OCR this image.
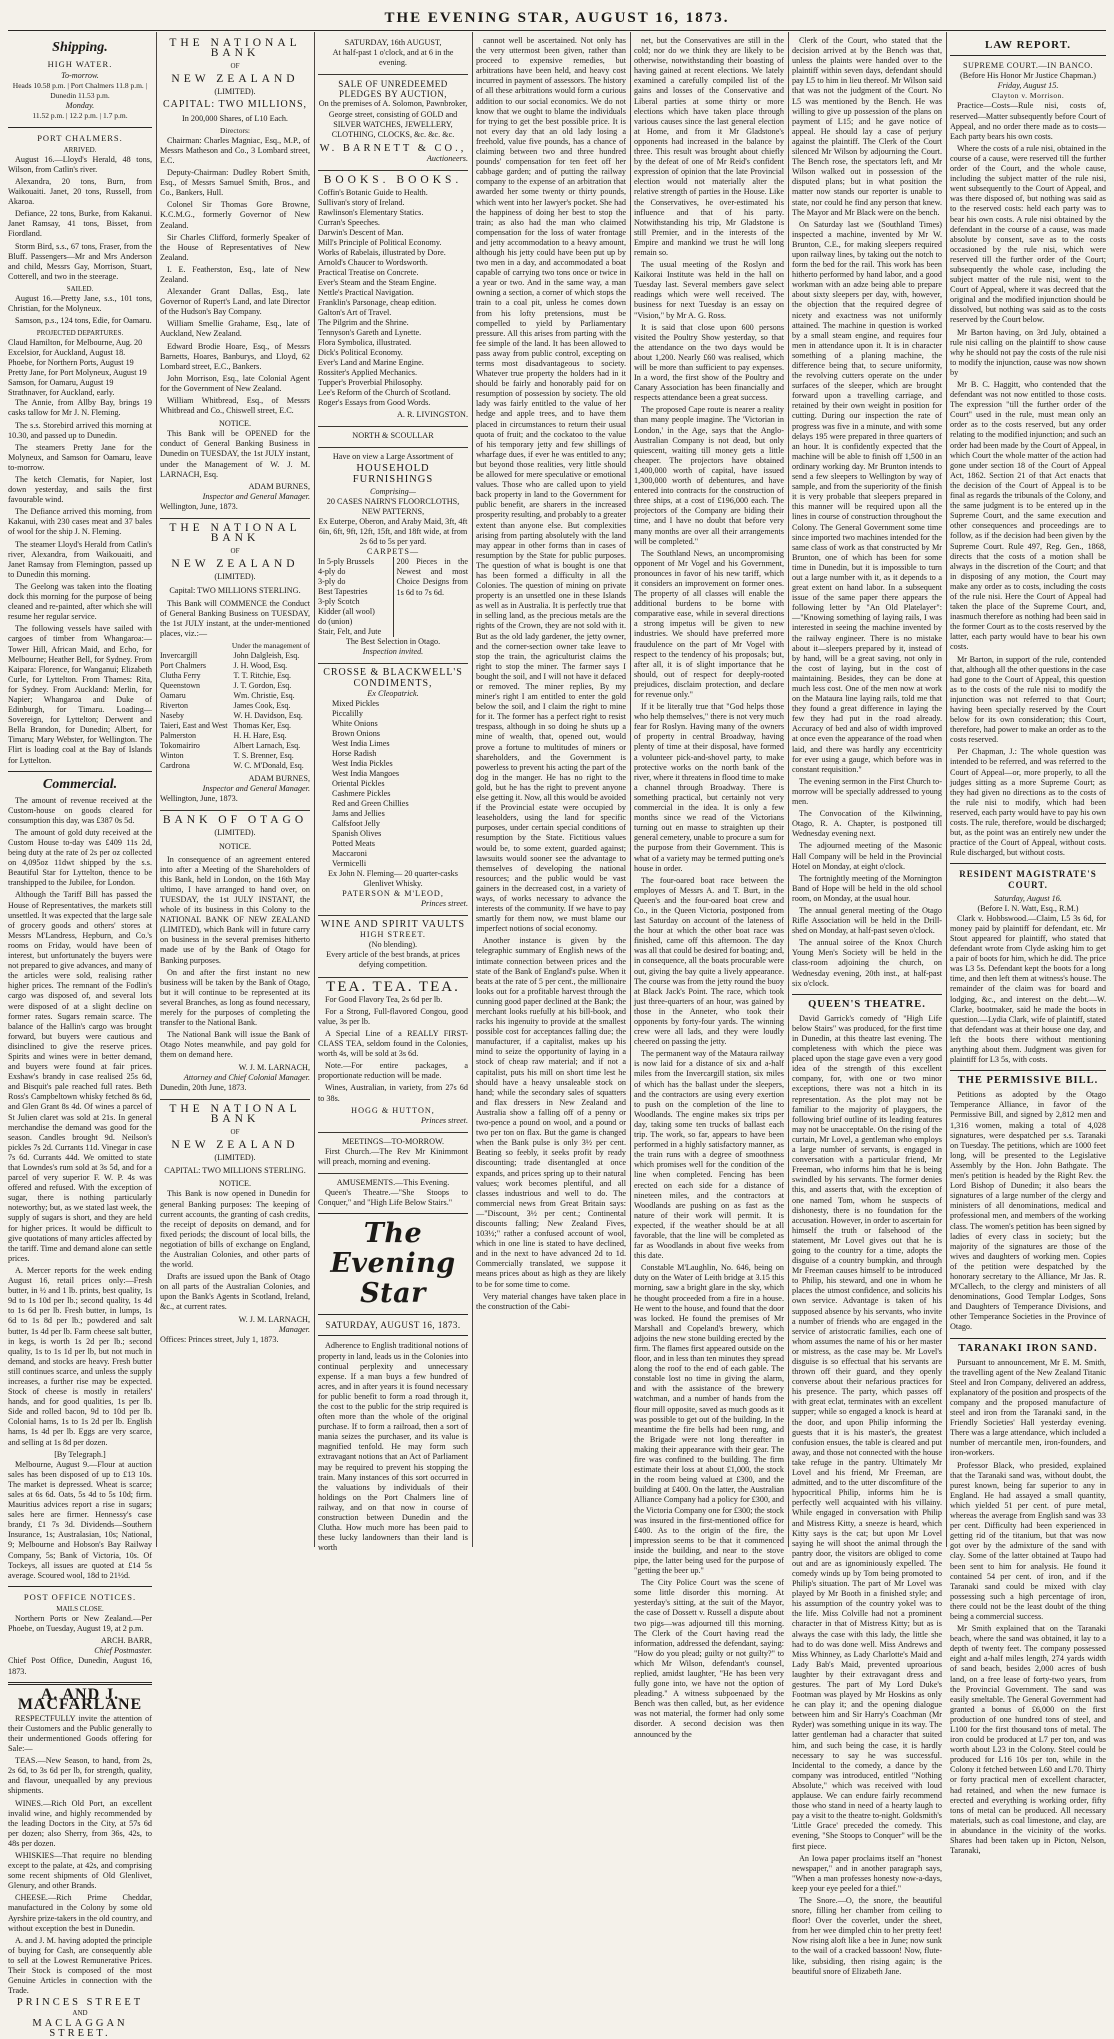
THE EVENING STAR, AUGUST 16, 1873.
Shipping.
HIGH WATER.
To-morrow.
Heads 10.58 p.m. | Port Chalmers 11.8 p.m. | Dunedin 11.53 p.m.
Monday.
11.52 p.m. | 12.2 p.m. | 1.7 p.m.
PORT CHALMERS.
ARRIVED.

August 16.—Lloyd's Herald, 48 tons, Wilson, from Catlin's river.

Alexandra, 20 tons, Burn, from Waikouaiti. Janet, 20 tons, Russell, from Akaroa.

Defiance, 22 tons, Burke, from Kakanui. Janet Ramsay, 41 tons, Bisset, from Fiordland.

Storm Bird, s.s., 67 tons, Fraser, from the Bluff. Passengers—Mr and Mrs Anderson and child, Messrs Gay, Morrison, Stuart, Cotterell, and two in the steerage.

SAILED.

August 16.—Pretty Jane, s.s., 101 tons, Christian, for the Molyneux.

Samson, p.s., 124 tons, Edie, for Oamaru.

PROJECTED DEPARTURES.
Claud Hamilton, for Melbourne, Aug. 20
Excelsior, for Auckland, August 18.
Phoebe, for Northern Ports, August 19
Pretty Jane, for Port Molyneux, August 19
Samson, for Oamaru, August 19
Strathnaver, for Auckland, early.

The Annie, from Allby Bay, brings 19 casks tallow for Mr J. N. Fleming.

The s.s. Storebird arrived this morning at 10.30, and passed up to Dunedin.

The steamers Pretty Jane for the Molyneux, and Samson for Oamaru, leave to-morrow.

The ketch Clematis, for Napier, lost down yesterday, and sails the first favourable wind.

The Defiance arrived this morning, from Kakanui, with 230 cases meat and 37 bales of wool for the ship J. N. Fleming.

The steamer Lloyd's Herald from Catlin's river, Alexandra, from Waikouaiti, and Janet Ramsay from Flemington, passed up to Dunedin this morning.

The Geelong was taken into the floating dock this morning for the purpose of being cleaned and re-painted, after which she will resume her regular service.

The following vessels have sailed with cargoes of timber from Whangaroa:—Tower Hill, African Maid, and Echo, for Melbourne; Heather Bell, for Sydney. From Kaipara: Florence, for Wanganui; Elizabeth Curle, for Lyttelton. From Thames: Rita, for Sydney. From Auckland: Merlin, for Napier; Whangaroa and Duke of Edinburgh, for Timaru. Loading—Sovereign, for Lyttelton; Derwent and Bella Brandon, for Dunedin; Albert, for Timaru; Mary Webster, for Wellington. The Flirt is loading coal at the Bay of Islands for Lyttelton.

Commercial.

The amount of revenue received at the Custom-house on goods cleared for consumption this day, was £387 0s 5d.

The amount of gold duty received at the Custom House to-day was £409 11s 2d, being duty at the rate of 2s per oz collected on 4,095oz 11dwt shipped by the s.s. Beautiful Star for Lyttelton, thence to be transhipped to the Jubilee, for London.

Although the Tariff Bill has passed the House of Representatives, the markets still unsettled. It was expected that the large sale of grocery goods and others' stores at Messrs M'Landress, Hepburn, and Co.'s rooms on Friday, would have been of interest, but unfortunately the buyers were not prepared to give advances, and many of the articles were sold, realising rather higher prices. The remnant of the Fodlin's cargo was disposed of, and several lots were disposed of at a slight decline on former rates. Sugars remain scarce. The balance of the Hallin's cargo was brought forward, but buyers were cautious and disinclined to give the reserve prices. Spirits and wines were in better demand, and buyers were found at fair prices. Exshaw's brandy in case realised 25s 6d, and Bisquit's pale reached full rates. Beth Ross's Campbeltown whisky fetched 8s 6d, and Glen Grant 8s 4d. Of wines a parcel of St Julien claret was sold at 21s. In general merchandise the demand was good for the season. Candles brought 9d. Neilson's pickles 7s 2d. Currants 11d. Vinegar in case 7s 6d. Currants 44d. We omitted to state that Lowndes's rum sold at 3s 5d, and for a parcel of very superior F. W. P. 4s was offered and refused. With the exception of sugar, there is nothing particularly noteworthy; but, as we stated last week, the supply of sugars is short, and they are held for higher prices. It would be difficult to give quotations of many articles affected by the tariff. Time and demand alone can settle prices.

A. Mercer reports for the week ending August 16, retail prices only:—Fresh butter, in ½ and 1 lb. prints, best quality, 1s 9d to 1s 10d per lb.; second quality, 1s 4d to 1s 6d per lb. Fresh butter, in lumps, 1s 6d to 1s 8d per lb.; powdered and salt butter, 1s 4d per lb. Farm cheese salt butter, in kegs, is worth 1s 2d per lb.; second quality, 1s to 1s 1d per lb, but not much in demand, and stocks are heavy. Fresh butter still continues scarce, and unless the supply increases, a further rise may be expected. Stock of cheese is mostly in retailers' hands, and for good qualities, 1s per lb. Side and rolled bacon, 9d to 10d per lb. Colonial hams, 1s to 1s 2d per lb. English hams, 1s 4d per lb. Eggs are very scarce, and selling at 1s 8d per dozen.

[By Telegraph.]

Melbourne, August 9.—Flour at auction sales has been disposed of up to £13 10s. The market is depressed. Wheat is scarce; sales at 6s 6d. Oats, 5s 4d to 5s 10d; firm. Mauritius advices report a rise in sugars; sales here are firmer. Hennessy's case brandy, £1 7s 3d. Dividends—Southern Insurance, 1s; Australasian, 10s; National, 9; Melbourne and Hobson's Bay Railway Company, 5s; Bank of Victoria, 10s. Of Tockeys, all issues are quoted at £14 5s average. Scoured wool, 18d to 21½d.

POST OFFICE NOTICES.
MAILS CLOSE.

Northern Ports or New Zealand.—Per Phoebe, on Tuesday, August 19, at 2 p.m.

ARCH. BARR,
Chief Postmaster.
Chief Post Office, Dunedin, August 16, 1873.
A. AND J. MACFARLANE

RESPECTFULLY invite the attention of their Customers and the Public generally to their undermentioned Goods offering for Sale:—

TEAS.—New Season, to hand, from 2s, 2s 6d, to 3s 6d per lb, for strength, quality, and flavour, unequalled by any previous shipments.

WINES.—Rich Old Port, an excellent invalid wine, and highly recommended by the leading Doctors in the City, at 57s 6d per dozen; also Sherry, from 36s, 42s, to 48s per dozen.

WHISKIES—That require no blending except to the palate, at 42s, and comprising some recent shipments of Old Glenlivet, Glenury, and other Brands.

CHEESE.—Rich Prime Cheddar, manufactured in the Colony by some old Ayrshire prize-takers in the old country, and without exception the best in Dunedin.

A. and J. M. having adopted the principle of buying for Cash, are consequently able to sell at the Lowest Remunerative Prices. Their Stock is composed of the most Genuine Articles in connection with the Trade.

PRINCES STREET
AND
MACLAGGAN STREET.
THE NATIONAL BANK
OF
NEW ZEALAND
(LIMITED).
CAPITAL: TWO MILLIONS,
In 200,000 Shares, of L10 Each.
Directors:

Chairman: Charles Magniac, Esq., M.P., of Messrs Matheson and Co., 3 Lombard street, E.C.

Deputy-Chairman: Dudley Robert Smith, Esq., of Messrs Samuel Smith, Bros., and Co., Bankers, Hull.

Colonel Sir Thomas Gore Browne, K.C.M.G., formerly Governor of New Zealand.

Sir Charles Clifford, formerly Speaker of the House of Representatives of New Zealand.

I. E. Featherston, Esq., late of New Zealand.

Alexander Grant Dallas, Esq., late Governor of Rupert's Land, and late Director of the Hudson's Bay Company.

William Smellie Grahame, Esq., late of Auckland, New Zealand.

Edward Brodie Hoare, Esq., of Messrs Barnetts, Hoares, Banburys, and Lloyd, 62 Lombard street, E.C., Bankers.

John Morrison, Esq., late Colonial Agent for the Government of New Zealand.

William Whitbread, Esq., of Messrs Whitbread and Co., Chiswell street, E.C.

NOTICE.

This Bank will be OPENED for the conduct of General Banking Business in Dunedin on TUESDAY, the 1st JULY instant, under the Management of W. J. M. LARNACH, Esq.

ADAM BURNES,
Inspector and General Manager.
Wellington, June, 1873.
THE NATIONAL BANK
OF
NEW ZEALAND
(LIMITED).
Capital: TWO MILLIONS STERLING.

This Bank will COMMENCE the Conduct of General Banking Business on TUESDAY, the 1st JULY instant, at the under-mentioned places, viz.:—

Under the management of
Invercargill	John Dalgleish, Esq.
Port Chalmers	J. H. Wood, Esq.
Clutha Ferry	T. T. Ritchie, Esq.
Queenstown	J. T. Gordon, Esq.
Oamaru	Wm. Christie, Esq.
Riverton	James Cook, Esq.
Naseby	W. H. Davidson, Esq.
Taieri, East and West	Thomas Ker, Esq.
Palmerston	H. H. Hare, Esq.
Tokomairiro	Albert Larnach, Esq.
Winton	T. S. Brenner, Esq.
Cardrona	W. C. M'Donald, Esq.
ADAM BURNES,
Inspector and General Manager.
Wellington, June, 1873.
BANK OF OTAGO
(LIMITED).
NOTICE.

In consequence of an agreement entered into after a Meeting of the Shareholders of this Bank, held in London, on the 16th May ultimo, I have arranged to hand over, on TUESDAY, the 1st JULY INSTANT, the whole of its business in this Colony to the NATIONAL BANK OF NEW ZEALAND (LIMITED), which Bank will in future carry on business in the several premises hitherto made use of by the Bank of Otago for Banking purposes.

On and after the first instant no new business will be taken by the Bank of Otago, but it will continue to be represented at its several Branches, as long as found necessary, merely for the purposes of completing the transfer to the National Bank.

The National Bank will issue the Bank of Otago Notes meanwhile, and pay gold for them on demand here.

W. J. M. LARNACH,
Attorney and Chief Colonial Manager.
Dunedin, 20th June, 1873.
THE NATIONAL BANK
OF
NEW ZEALAND
(LIMITED).
CAPITAL: TWO MILLIONS STERLING.
NOTICE.

This Bank is now opened in Dunedin for general Banking purposes: The keeping of current accounts, the granting of cash credits, the receipt of deposits on demand, and for fixed periods; the discount of local bills, the negotiation of bills of exchange on England, the Australian Colonies, and other parts of the world.

Drafts are issued upon the Bank of Otago on all parts of the Australian Colonies, and upon the Bank's Agents in Scotland, Ireland, &c., at current rates.

W. J. M. LARNACH,
Manager.
Offices: Princes street, July 1, 1873.
SATURDAY, 16th AUGUST,
At half-past 1 o'clock, and at 6 in the evening.
SALE OF UNREDEEMED PLEDGES BY AUCTION,
On the premises of A. Solomon, Pawnbroker, George street, consisting of GOLD and SILVER WATCHES, JEWELLERY, CLOTHING, CLOCKS, &c. &c. &c.
W. BARNETT & CO.,
Auctioneers.
BOOKS. BOOKS.
Coffin's Botanic Guide to Health.
Sullivan's story of Ireland.
Rawlinson's Elementary Statics.
Curran's Speeches.
Darwin's Descent of Man.
Mill's Principle of Political Economy.
Works of Rabelais, illustrated by Dore.
Arnold's Chaucer to Wordsworth.
Practical Treatise on Concrete.
Ever's Steam and the Steam Engine.
Nettle's Practical Navigation.
Franklin's Parsonage, cheap edition.
Galton's Art of Travel.
The Pilgrim and the Shrine.
Tennyson's Gareth and Lynette.
Flora Symbolica, illustrated.
Dick's Political Economy.
Ever's Land and Marine Engine.
Rossiter's Applied Mechanics.
Tupper's Proverbial Philosophy.
Lee's Reform of the Church of Scotland.
Roger's Essays from Good Words.
A. R. LIVINGSTON.
NORTH & SCOULLAR
Have on view a Large Assortment of
HOUSEHOLD FURNISHINGS
Comprising—
20 CASES NAIRN'S FLOORCLOTHS, NEW PATTERNS,
Ex Euterpe, Oberon, and Araby Maid, 3ft, 4ft 6in, 6ft, 9ft, 12ft, 15ft, and 18ft wide, at from 2s 6d to 5s per yard.
CARPETS—
In 5-ply Brussels
4-ply do
3-ply do
Best Tapestries
3-ply Scotch
Kidder (all wool)
do (union)
Stair, Felt, and Jute
200 Pieces in the Newest and most Choice Designs from 1s 6d to 7s 6d.
The Best Selection in Otago.
Inspection invited.
CROSSE & BLACKWELL'S CONDIMENTS,
Ex Cleopatrick.
Mixed Pickles
Piccalilly
White Onions
Brown Onions
West India Limes
Horse Radish
West India Pickles
West India Mangoes
Oriental Pickles
Cashmere Pickles
Red and Green Chillies
Jams and Jellies
Calfsfoot Jelly
Spanish Olives
Potted Meats
Maccaroni
Vermicelli
Ex John N. Fleming— 20 quarter-casks Glenlivet Whisky.
PATERSON & M'LEOD,
Princes street.
WINE AND SPIRIT VAULTS
HIGH STREET.
(No blending).
Every article of the best brands, at prices defying competition.
TEA. TEA. TEA.

For Good Flavory Tea, 2s 6d per lb.

For a Strong, Full-flavored Congou, good value, 3s per lb.

A Special Line of a REALLY FIRST-CLASS TEA, seldom found in the Colonies, worth 4s, will be sold at 3s 6d.

Note.—For entire packages, a proportionate reduction will be made.

Wines, Australian, in variety, from 27s 6d to 38s.

HOGG & HUTTON,
Princes street.
MEETINGS—TO-MORROW.

First Church.—The Rev Mr Kinimmont will preach, morning and evening.

AMUSEMENTS.—This Evening.

Queen's Theatre.—"She Stoops to Conquer," and "High Life Below Stairs."

The Evening Star
SATURDAY, AUGUST 16, 1873.

Adherence to English traditional notions of property in land, leads us in the Colonies into continual perplexity and unnecessary expense. If a man buys a few hundred of acres, and in after years it is found necessary for public benefit to form a road through it, the cost to the public for the strip required is often more than the whole of the original purchase. If to form a railroad, then a sort of mania seizes the purchaser, and its value is magnified tenfold. He may form such extravagant notions that an Act of Parliament may be required to prevent his stopping the train. Many instances of this sort occurred in the valuations by individuals of their holdings on the Port Chalmers line of railway, and on that now in course of construction between Dunedin and the Clutha. How much more has been paid to these lucky landowners than their land is worth

cannot well be ascertained. Not only has the very uttermost been given, rather than proceed to expensive remedies, but arbitrations have been held, and heavy cost incurred in payment of assessors. The history of all these arbitrations would form a curious addition to our social economics. We do not know that we ought to blame the individuals for trying to get the best possible price. It is not every day that an old lady losing a freehold, value five pounds, has a chance of claiming between two and three hundred pounds' compensation for ten feet off her cabbage garden; and of putting the railway company to the expense of an arbitration that awarded her some twenty or thirty pounds, which went into her lawyer's pocket. She had the happiness of doing her best to stop the train; as also had the man who claimed compensation for the loss of water frontage and jetty accommodation to a heavy amount, although his jetty could have been put up by two men in a day, and accommodated a boat capable of carrying two tons once or twice in a year or two. And in the same way, a man owning a section, a corner of which stops the train to a coal pit, unless he comes down from his lofty pretensions, must be compelled to yield by Parliamentary pressure. All this arises from parting with the fee simple of the land. It has been allowed to pass away from public control, excepting on terms most disadvantageous to society. Whatever true property the holders had in it should be fairly and honorably paid for on resumption of possession by society. The old lady was fairly entitled to the value of her hedge and apple trees, and to have them placed in circumstances to return their usual quota of fruit; and the cockatoo to the value of his temporary jetty and few shillings of wharfage dues, if ever he was entitled to any; but beyond those realities, very little should be allowed for mere speculative or emotional values. Those who are called upon to yield back property in land to the Government for public benefit, are sharers in the increased prosperity resulting, and probably to a greater extent than anyone else. But complexities arising from parting absolutely with the land may appear in other forms than in cases of resumption by the State for public purposes. The question of what is bought is one that has been formed a difficulty in all the Colonies. The question of mining on private property is an unsettled one in these Islands as well as in Australia. It is perfectly true that in selling land, as the precious metals are the rights of the Crown, they are not sold with it. But as the old lady gardener, the jetty owner, and the corner-section owner take leave to stop the train, the agriculturist claims the right to stop the miner. The farmer says I bought the soil, and I will not have it defaced or removed. The miner replies, By my miner's right I am entitled to enter the gold below the soil, and I claim the right to mine for it. The former has a perfect right to resist trespass, although in so doing he shuts up a mine of wealth, that, opened out, would prove a fortune to multitudes of miners or shareholders, and the Government is powerless to prevent his acting the part of the dog in the manger. He has no right to the gold, but he has the right to prevent anyone else getting it. Now, all this would be avoided if the Provincial estate were occupied by leaseholders, using the land for specific purposes, under certain special conditions of resumption by the State. Fictitious values would be, to some extent, guarded against; lawsuits would sooner see the advantage to themselves of developing the national resources; and the public would be vast gainers in the decreased cost, in a variety of ways, of works necessary to advance the interests of the community. If we have to pay smartly for them now, we must blame our imperfect notions of social economy.

Another instance is given by the telegraphic summary of English news of the intimate connection between prices and the state of the Bank of England's pulse. When it beats at the rate of 5 per cent., the millionaire looks out for a profitable harvest through the cunning good paper declined at the Bank; the merchant looks ruefully at his bill-book, and racks his ingenuity to provide at the smallest possible cost for acceptances falling due; the manufacturer, if a capitalist, makes up his mind to seize the opportunity of laying in a stock of cheap raw material; and if not a capitalist, puts his mill on short time lest he should have a heavy unsaleable stock on hand; while the secondary sales of squatters and flax dressers in New Zealand and Australia show a falling off of a penny or two-pence a pound on wool, and a pound or two per ton on flax. But the game is changed when the Bank pulse is only 3½ per cent. Beating so feebly, it seeks profit by ready discounting; trade disentangled at once expands, and prices spring up to their natural values; work becomes plentiful, and all classes industrious and well to do. The commercial news from Great Britain says:—"Discount, 3½ per cent.; Continental discounts falling; New Zealand Fives, 103½;" rather a confused account of wool, which in one line is stated to have declined, and in the next to have advanced 2d to 1d. Commercially translated, we suppose it means prices about as high as they are likely to be for some time to come.

Very material changes have taken place in the construction of the Cabi-

net, but the Conservatives are still in the cold; nor do we think they are likely to be otherwise, notwithstanding their boasting of having gained at recent elections. We lately examined a carefully compiled list of the gains and losses of the Conservative and Liberal parties at some thirty or more elections which have taken place through various causes since the last general election at Home, and from it Mr Gladstone's opponents had increased in the balance by three. This result was brought about chiefly by the defeat of one of Mr Reid's confident expression of opinion that the late Provincial election would not materially alter the relative strength of parties in the House. Like the Conservatives, he over-estimated his influence and that of his party. Notwithstanding his trip, Mr Gladstone is still Premier, and in the interests of the Empire and mankind we trust he will long remain so.

The usual meeting of the Roslyn and Kaikorai Institute was held in the hall on Tuesday last. Several members gave select readings which were well received. The business for next Tuesday is an essay on "Vision," by Mr A. G. Ross.

It is said that close upon 600 persons visited the Poultry Show yesterday, so that the attendance on the two days would be about 1,200. Nearly £60 was realised, which will be more than sufficient to pay expenses. In a word, the first show of the Poultry and Canary Association has been financially and respects attendance been a great success.

The proposed Cape route is nearer a reality than many people imagine. The 'Victorian in London,' in the Age, says that the Anglo-Australian Company is not dead, but only quiescent, waiting till money gets a little cheaper. The projectors have obtained 1,400,000 worth of capital, have issued 1,300,000 worth of debentures, and have entered into contracts for the construction of three ships, at a cost of £196,000 each. The projectors of the Company are biding their time, and I have no doubt that before very many months are over all their arrangements will be completed."

The Southland News, an uncompromising opponent of Mr Vogel and his Government, pronounces in favor of his new tariff, which it considers an improvement on former ones. The property of all classes will enable the additional burdens to be borne with comparative ease, while in several directions a strong impetus will be given to new industries. We should have preferred more fraudulence on the part of Mr Vogel with respect to the tendency of his proposals; but, after all, it is of slight importance that he should, out of respect for deeply-rooted prejudices, disclaim protection, and declare for revenue only."

If it be literally true that "God helps those who help themselves," there is not very much fear for Roslyn. Having many of the owners of property in central Broadway, having plenty of time at their disposal, have formed a volunteer pick-and-shovel party, to make protective works on the north bank of the river, where it threatens in flood time to make a channel through Broadway. There is something practical, but certainly not very commercial in the idea. It is only a few months since we read of the Victorians turning out en masse to straighten up their general cemetery, unable to procure a sum for the purpose from their Government. This is what of a variety may be termed putting one's house in order.

The four-oared boat race between the employes of Messrs A. and T. Burt, in the Queen's and the four-oared boat crew and Co., in the Queen Victoria, postponed from last Saturday on account of the lateness of the hour at which the other boat race was finished, came off this afternoon. The day was all that could be desired for boating; and, in consequence, all the boats procurable were out, giving the bay quite a lively appearance. The course was from the jetty round the buoy at Black Jack's Point. The race, which took just three-quarters of an hour, was gained by those in the Anneter, who took their opponents by forty-four yards. The winning crew were all lads, and they were loudly cheered on passing the jetty.

The permanent way of the Mataura railway is now laid for a distance of six and a-half miles from the Invercargill station, six miles of which has the ballast under the sleepers, and the contractors are using every exertion to push on the completion of the line to Woodlands. The engine makes six trips per day, taking some ten trucks of ballast each trip. The work, so far, appears to have been performed in a highly satisfactory manner, as the train runs with a degree of smoothness which promises well for the condition of the line when completed. Fencing has been erected on each side for a distance of nineteen miles, and the contractors at Woodlands are pushing on as fast as the nature of their work will permit. It is expected, if the weather should be at all favorable, that the line will be completed as far as Woodlands in about five weeks from this date.

Constable M'Laughlin, No. 646, being on duty on the Water of Leith bridge at 3.15 this morning, saw a bright glare in the sky, which he thought proceeded from a fire in a house. He went to the house, and found that the door was locked. He found the premises of Mr Marshall and Copeland's brewery, which adjoins the new stone building erected by the firm. The flames first appeared outside on the floor, and in less than ten minutes they spread along the roof to the end of each gable. The constable lost no time in giving the alarm, and with the assistance of the brewery watchman, and a number of hands from the flour mill opposite, saved as much goods as it was possible to get out of the building. In the meantime the fire bells had been rung, and the Brigade were not long thereafter in making their appearance with their gear. The fire was confined to the building. The firm estimate their loss at about £1,000, the stock in the room being valued at £300, and the building at £400. On the latter, the Australian Alliance Company had a policy for £300, and the Victoria Company one for £300; the stock was insured in the first-mentioned office for £400. As to the origin of the fire, the impression seems to be that it commenced inside the building, and near to the stove pipe, the latter being used for the purpose of "getting the beer up."

The City Police Court was the scene of some little disorder this morning. At yesterday's sitting, at the suit of the Mayor, the case of Dossett v. Russell a dispute about two pigs—was adjourned till this morning. The Clerk of the Court having read the information, addressed the defendant, saying: "How do you plead; guilty or not guilty?" to which Mr Wilson, defendant's counsel, replied, amidst laughter, "He has been very fully gone into, we have not the option of pleading." A witness subpoenaed by the Bench was then called, but, as her evidence was not material, the former had only some disorder. A second decision was then announced by the

Clerk of the Court, who stated that the decision arrived at by the Bench was that, unless the plaints were handed over to the plaintiff within seven days, defendant should pay L5 to him in lieu thereof. Mr Wilson said that was not the judgment of the Court. No L5 was mentioned by the Bench. He was willing to give up possession of the plans on payment of L15; and he gave notice of appeal. He should lay a case of perjury against the plaintiff. The Clerk of the Court silenced Mr Wilson by adjourning the Court. The Bench rose, the spectators left, and Mr Wilson walked out in possession of the disputed plans; but in what position the matter now stands our reporter is unable to state, nor could he find any person that knew. The Mayor and Mr Black were on the bench.

On Saturday last we (Southland Times) inspected a machine, invented by Mr W. Brunton, C.E., for making sleepers required upon railway lines, by taking out the notch to form the bed for the rail. This work has been hitherto performed by hand labor, and a good workman with an adze being able to prepare about sixty sleepers per day, with, however, the objection that the required degree of nicety and exactness was not uniformly attained. The machine in question is worked by a small steam engine, and requires four men in attendance upon it. It is in character something of a planing machine, the difference being that, to secure uniformity, the revolving cutters operate on the under surfaces of the sleeper, which are brought forward upon a travelling carriage, and retained by their own weight in position for cutting. During our inspection the rate of progress was five in a minute, and with some delays 195 were prepared in three quarters of an hour. It is confidently expected that the machine will be able to finish off 1,500 in an ordinary working day. Mr Brunton intends to send a few sleepers to Wellington by way of sample, and from the superiority of the finish it is very probable that sleepers prepared in this manner will be required upon all the lines in course of construction throughout the Colony. The General Government some time since imported two machines intended for the same class of work as that constructed by Mr Brunton, one of which has been for some time in Dunedin, but it is impossible to turn out a large number with it, as it depends to a great extent on hand labor. In a subsequent issue of the same paper there appears the following letter by "An Old Platelayer":—"Knowing something of laying rails, I was interested in seeing the machine invented by the railway engineer. There is no mistake about it—sleepers prepared by it, instead of by hand, will be a great saving, not only in the cost of laying, but in the cost of maintaining. Besides, they can be done at much less cost. One of the men now at work on the Mataura line laying rails, told me that they found a great difference in laying the few they had put in the road already. Accuracy of bed and also of width improved at once even the appearance of the road when laid, and there was hardly any eccentricity for ever using a gauge, which before was in constant requisition."

The evening sermon in the First Church to-morrow will be specially addressed to young men.

The Convocation of the Kilwinning, Otago, R. A. Chapter, is postponed till Wednesday evening next.

The adjourned meeting of the Masonic Hall Company will be held in the Provincial Hotel on Monday, at eight o'clock.

The fortnightly meeting of the Mornington Band of Hope will be held in the old school room, on Monday, at the usual hour.

The annual general meeting of the Otago Rifle Association will be held in the Drill-shed on Monday, at half-past seven o'clock.

The annual soiree of the Knox Church Young Men's Society will be held in the class-room adjoining the church, on Wednesday evening, 20th inst., at half-past six o'clock.

QUEEN'S THEATRE.

David Garrick's comedy of "High Life below Stairs" was produced, for the first time in Dunedin, at this theatre last evening. The completeness with which the piece was placed upon the stage gave even a very good idea of the strength of this excellent company, for, with one or two minor exceptions, there was not a hitch in its representation. As the plot may not be familiar to the majority of playgoers, the following brief outline of its leading features may not be unacceptable. On the rising of the curtain, Mr Lovel, a gentleman who employs a large number of servants, is engaged in conversation with a particular friend, Mr Freeman, who informs him that he is being swindled by his servants. The former denies this, and asserts that, with the exception of one named Tom, whom he suspects of dishonesty, there is no foundation for the accusation. However, in order to ascertain for himself the truth or falsehood of the statement, Mr Lovel gives out that he is going to the country for a time, adopts the disguise of a country bumpkin, and through Mr Freeman causes himself to be introduced to Philip, his steward, and one in whom he places the utmost confidence, and solicits his own service. Advantage is taken of his supposed absence by his servants, who invite a number of friends who are engaged in the service of aristocratic families, each one of whom assumes the name of his or her master or mistress, as the case may be. Mr Lovel's disguise is so effectual that his servants are thrown off their guard, and they openly converse about their nefarious practices for his presence. The party, which passes off with great eclat, terminates with an excellent supper; while so engaged a knock is heard at the door, and upon Philip informing the guests that it is his master's, the greatest confusion ensues, the table is cleared and put away, and those not connected with the house take refuge in the pantry. Ultimately Mr Lovel and his friend, Mr Freeman, are admitted, and to the utter discomfiture of the hypocritical Philip, informs him he is perfectly well acquainted with his villainy. While engaged in conversation with Philip and Mistress Kitty, a sneeze is heard, which Kitty says is the cat; but upon Mr Lovel saying he will shoot the animal through the pantry door, the visitors are obliged to come out and are as ignominiously expelled. The comedy winds up by Tom being promoted to Philip's situation. The part of Mr Lovel was played by Mr Booth in a finished style; and his assumption of the country yokel was to the life. Miss Colville had not a prominent character in that of Mistress Kitty; but as is always the case with this lady, the little she had to do was done well. Miss Andrews and Miss Whinney, as Lady Charlotte's Maid and Lady Bab's Maid, prevented uproarious laughter by their extravagant dress and gestures. The part of My Lord Duke's Footman was played by Mr Hoskins as only he can play it; and the opening dialogue between him and Sir Harry's Coachman (Mr Ryder) was something unique in its way. The latter gentleman had a character that suited him, and such being the case, it is hardly necessary to say he was successful. Incidental to the comedy, a dance by the company was introduced, entitled "Nothing Absolute," which was received with loud applause. We can endure fairly recommend those who stand in need of a hearty laugh to pay a visit to the theatre to-night. Goldsmith's 'Little Grace' preceded the comedy. This evening, "She Stoops to Conquer" will be the first piece.

An Iowa paper proclaims itself an "honest newspaper," and in another paragraph says, "When a man professes honesty now-a-days, keep your eye peeled for a thief."

The Snore.—O, the snore, the beautiful snore, filling her chamber from ceiling to floor! Over the coverlet, under the sheet, from her wee dimpled chin to her pretty feet! Now rising aloft like a bee in June; now sunk to the wail of a cracked bassoon! Now, flute-like, subsiding, then rising again; is the beautiful snore of Elizabeth Jane.

LAW REPORT.
SUPREME COURT.—IN BANCO.
(Before His Honor Mr Justice Chapman.)
Friday, August 15.
Clayton v. Morrison.

Practice—Costs—Rule nisi, costs of, reserved—Matter subsequently before Court of Appeal, and no order there made as to costs—Each party bears his own costs.

Where the costs of a rule nisi, obtained in the course of a cause, were reserved till the further order of the Court, and the whole cause, including the subject matter of the rule nisi, went subsequently to the Court of Appeal, and was there disposed of, but nothing was said as to the reserved costs: held each party was to bear his own costs. A rule nisi obtained by the defendant in the course of a cause, was made absolute by consent, save as to the costs occasioned by the rule nisi, which were reserved till the further order of the Court; subsequently the whole case, including the subject matter of the rule nisi, went to the Court of Appeal, where it was decreed that the original and the modified injunction should be dissolved, but nothing was said as to the costs reserved by the Court below.

Mr Barton having, on 3rd July, obtained a rule nisi calling on the plaintiff to show cause why he should not pay the costs of the rule nisi to modify the injunction, cause was now shown by

Mr B. C. Haggitt, who contended that the defendant was not now entitled to those costs. The expression "till the further order of the Court" used in the rule, must mean only an order as to the costs reserved, but any order relating to the modified injunction; and such an order had been made by the Court of Appeal, in which Court the whole matter of the action had gone under section 18 of the Court of Appeal Act, 1862. Section 21 of that Act enacts that the decision of the Court of Appeal is to be final as regards the tribunals of the Colony, and the same judgment is to be entered up in the Supreme Court, and the same execution and other consequences and proceedings are to follow, as if the decision had been given by the Supreme Court. Rule 497, Reg. Gen., 1868, directs that the costs of a motion shall be always in the discretion of the Court; and that in disposing of any motion, the Court may make any order as to costs, including the costs of the rule nisi. Here the Court of Appeal had taken the place of the Supreme Court, and, inasmuch therefore as nothing had been said in the former Court as to the costs reserved by the latter, each party would have to bear his own costs.

Mr Barton, in support of the rule, contended that, although all the other questions in the case had gone to the Court of Appeal, this question as to the costs of the rule nisi to modify the injunction was not referred to that Court; having been specially reserved by the Court below for its own consideration; this Court, therefore, had power to make an order as to the costs reserved.

Per Chapman, J.: The whole question was intended to be referred, and was referred to the Court of Appeal—or, more properly, to all the judges sitting as a more Supreme Court; as they had given no directions as to the costs of the rule nisi to modify, which had been reserved, each party would have to pay his own costs. The rule, therefore, would be discharged; but, as the point was an entirely new under the practice of the Court of Appeal, without costs. Rule discharged, but without costs.

RESIDENT MAGISTRATE'S COURT.
Saturday, August 16.
(Before I. N. Watt, Esq., R.M.)

Clark v. Hobbswood.—Claim, L5 3s 6d, for money paid by plaintiff for defendant, etc. Mr Stout appeared for plaintiff, who stated that defendant wrote from Clyde asking him to get a pair of boots for him, which he did. The price was L3 5s. Defendant kept the boots for a long time, and then left them at witness's house. The remainder of the claim was for board and lodging, &c., and interest on the debt.—W. Clarke, bootmaker, said he made the boots in question.—Lydia Clark, wife of plaintiff, stated that defendant was at their house one day, and left the boots there without mentioning anything about them. Judgment was given for plaintiff for L3 5s, with costs.

THE PERMISSIVE BILL.

Petitions as adopted by the Otago Temperance Alliance, in favor of the Permissive Bill, and signed by 2,812 men and 1,316 women, making a total of 4,028 signatures, were despatched per s.s. Taranaki on Tuesday. The petitions, which are 1000 feet long, will be presented to the Legislative Assembly by the Hon. John Bathgate. The men's petition is headed by the Right Rev. the Lord Bishop of Dunedin; it also bears the signatures of a large number of the clergy and ministers of all denominations, medical and professional men, and members of the working class. The women's petition has been signed by ladies of every class in society; but the majority of the signatures are those of the wives and daughters of working men. Copies of the petition were despatched by the honorary secretary to the Alliance, Mr Jas. R. M'Callech, to the clergy and ministers of all denominations, Good Templar Lodges, Sons and Daughters of Temperance Divisions, and other Temperance Societies in the Province of Otago.

TARANAKI IRON SAND.

Pursuant to announcement, Mr E. M. Smith, the travelling agent of the New Zealand Titanic Steel and Iron Company, delivered an address, explanatory of the position and prospects of the company and the proposed manufacture of steel and iron from the Taranaki sand, in the Friendly Societies' Hall yesterday evening. There was a large attendance, which included a number of mercantile men, iron-founders, and iron-workers.

Professor Black, who presided, explained that the Taranaki sand was, without doubt, the purest known, being far superior to any in England. He had assayed a small quantity, which yielded 51 per cent. of pure metal, whereas the average from English sand was 33 per cent. Difficulty had been experienced in getting rid of the titanium, but that was now got over by the admixture of the sand with clay. Some of the latter obtained at Taupo had been sent to him for analysis. He found it contained 54 per cent. of iron, and if the Taranaki sand could be mixed with clay possessing such a high percentage of iron, there could not be the least doubt of the thing being a commercial success.

Mr Smith explained that on the Taranaki beach, where the sand was obtained, it lay to a depth of twenty feet. The company possessed eight and a-half miles length, 274 yards width of sand beach, besides 2,000 acres of bush land, on a free lease of forty-two years, from the Provincial Government. The sand was easily smeltable. The General Government had granted a bonus of £6,000 on the first production of one hundred tons of steel, and L100 for the first thousand tons of metal. The iron could be produced at L7 per ton, and was worth about L23 in the Colony. Steel could be produced for L16 10s per ton, while in the Colony it fetched between L60 and L70. Thirty or forty practical men of excellent character, had retained, and when the new furnace is erected and everything is working order, fifty tons of metal can be produced. All necessary materials, such as coal limestone, and clay, are in abundance in the vicinity of the works. Shares had been taken up in Picton, Nelson, Taranaki,
